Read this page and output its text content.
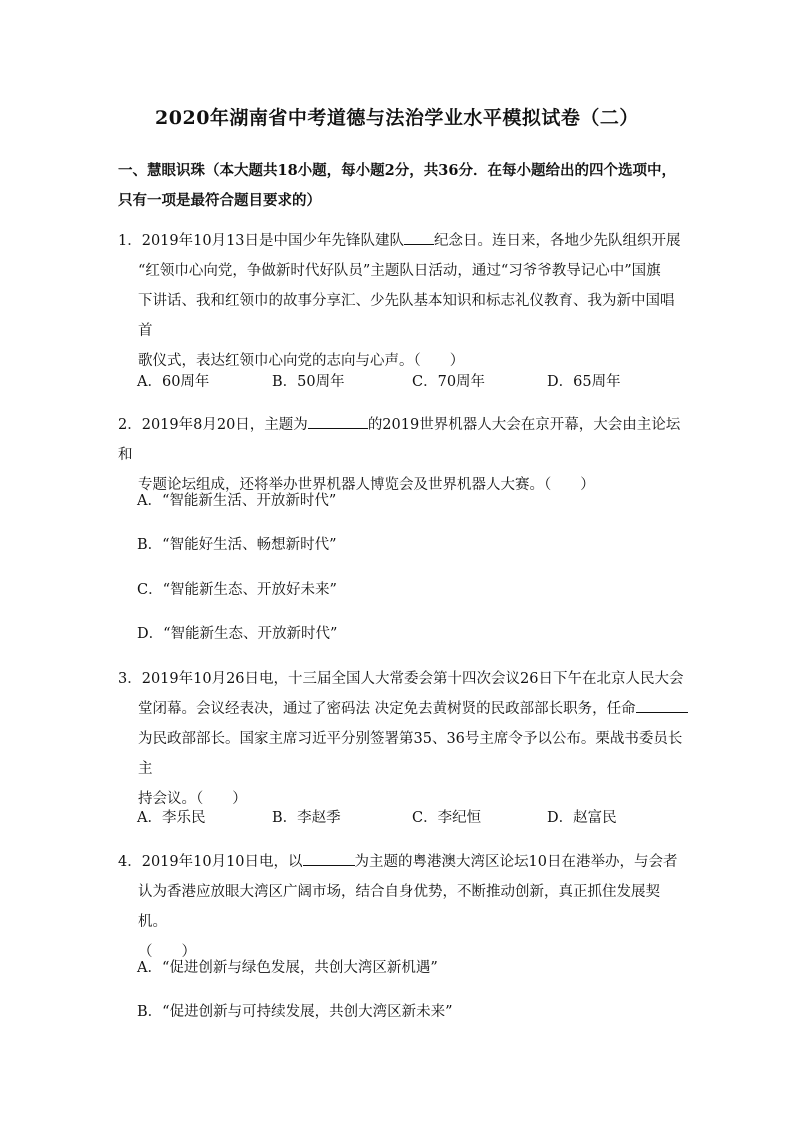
2020年湖南省中考道德与法治学业水平模拟试卷（二）
一、慧眼识珠（本大题共18小题，每小题2分，共36分．在每小题给出的四个选项中，
只有一项是最符合题目要求的）
1．2019年10月13日是中国少年先锋队建队 纪念日。连日来，各地少先队组织开展
“红领巾心向党，争做新时代好队员”主题队日活动，通过“习爷爷教导记心中”国旗
下讲话、我和红领巾的故事分享汇、少先队基本知识和标志礼仪教育、我为新中国唱首
歌仪式，表达红领巾心向党的志向与心声。（　　）
A．60周年	B．50周年	C．70周年	D．65周年
2．2019年8月20日，主题为	的2019世界机器人大会在京开幕，大会由主论坛和
专题论坛组成，还将举办世界机器人博览会及世界机器人大赛。（　　）
A．“智能新生活、开放新时代”
B．“智能好生活、畅想新时代”
C．“智能新生态、开放好未来”
D．“智能新生态、开放新时代”
3．2019年10月26日电，十三届全国人大常委会第十四次会议26日下午在北京人民大会
堂闭幕。会议经表决，通过了密码法 决定免去黄树贤的民政部部长职务，任命
为民政部部长。国家主席习近平分别签署第35、36号主席令予以公布。栗战书委员长主
持会议。（　　）
A．李乐民	B．李赵季	C．李纪恒	D．赵富民
4．2019年10月10日电，以	为主题的粤港澳大湾区论坛10日在港举办，与会者
认为香港应放眼大湾区广阔市场，结合自身优势，不断推动创新，真正抓住发展契机。
（　　）
A．“促进创新与绿色发展，共创大湾区新机遇”
B．“促进创新与可持续发展，共创大湾区新未来”
